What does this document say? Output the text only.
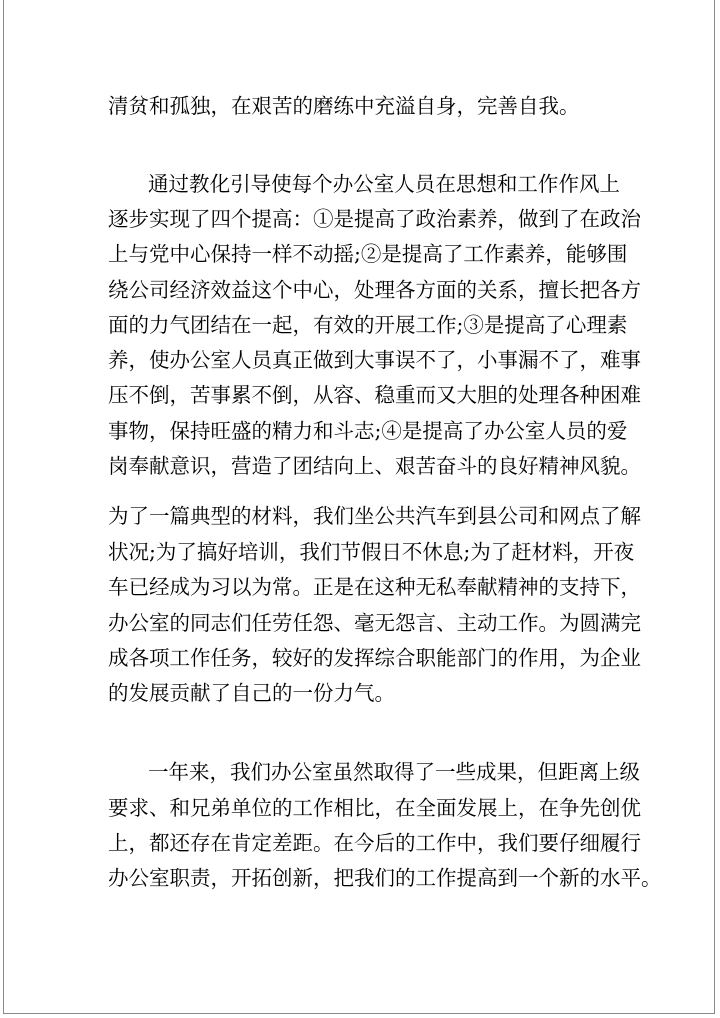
清贫和孤独，在艰苦的磨练中充溢自身，完善自我。
通过教化引导使每个办公室人员在思想和工作作风上
逐步实现了四个提高：①是提高了政治素养，做到了在政治
上与党中心保持一样不动摇;②是提高了工作素养，能够围
绕公司经济效益这个中心，处理各方面的关系，擅长把各方
面的力气团结在一起，有效的开展工作;③是提高了心理素
养，使办公室人员真正做到大事误不了，小事漏不了，难事
压不倒，苦事累不倒，从容、稳重而又大胆的处理各种困难
事物，保持旺盛的精力和斗志;④是提高了办公室人员的爱
岗奉献意识，营造了团结向上、艰苦奋斗的良好精神风貌。
为了一篇典型的材料，我们坐公共汽车到县公司和网点了解
状况;为了搞好培训，我们节假日不休息;为了赶材料，开夜
车已经成为习以为常。正是在这种无私奉献精神的支持下，
办公室的同志们任劳任怨、毫无怨言、主动工作。为圆满完
成各项工作任务，较好的发挥综合职能部门的作用，为企业
的发展贡献了自己的一份力气。
一年来，我们办公室虽然取得了一些成果，但距离上级
要求、和兄弟单位的工作相比，在全面发展上，在争先创优
上，都还存在肯定差距。在今后的工作中，我们要仔细履行
办公室职责，开拓创新，把我们的工作提高到一个新的水平。
